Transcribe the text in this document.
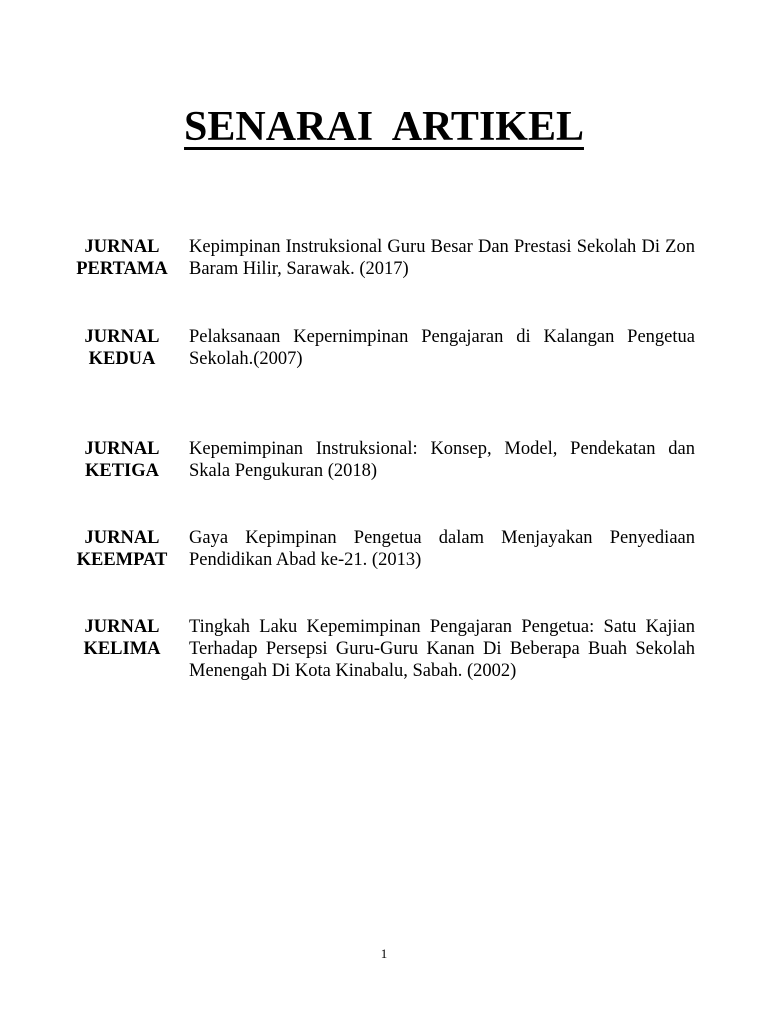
SENARAI  ARTIKEL
JURNAL
PERTAMA
Kepimpinan Instruksional Guru Besar Dan Prestasi Sekolah Di Zon Baram Hilir, Sarawak. (2017)
JURNAL
KEDUA
Pelaksanaan Kepernimpinan Pengajaran di Kalangan Pengetua Sekolah.(2007)
JURNAL
KETIGA
Kepemimpinan Instruksional: Konsep, Model, Pendekatan dan Skala Pengukuran (2018)
JURNAL
KEEMPAT
Gaya Kepimpinan Pengetua dalam Menjayakan Penyediaan Pendidikan Abad ke-21. (2013)
JURNAL
KELIMA
Tingkah Laku Kepemimpinan Pengajaran Pengetua: Satu Kajian Terhadap Persepsi Guru-Guru Kanan Di Beberapa Buah Sekolah Menengah Di Kota Kinabalu, Sabah. (2002)
1
